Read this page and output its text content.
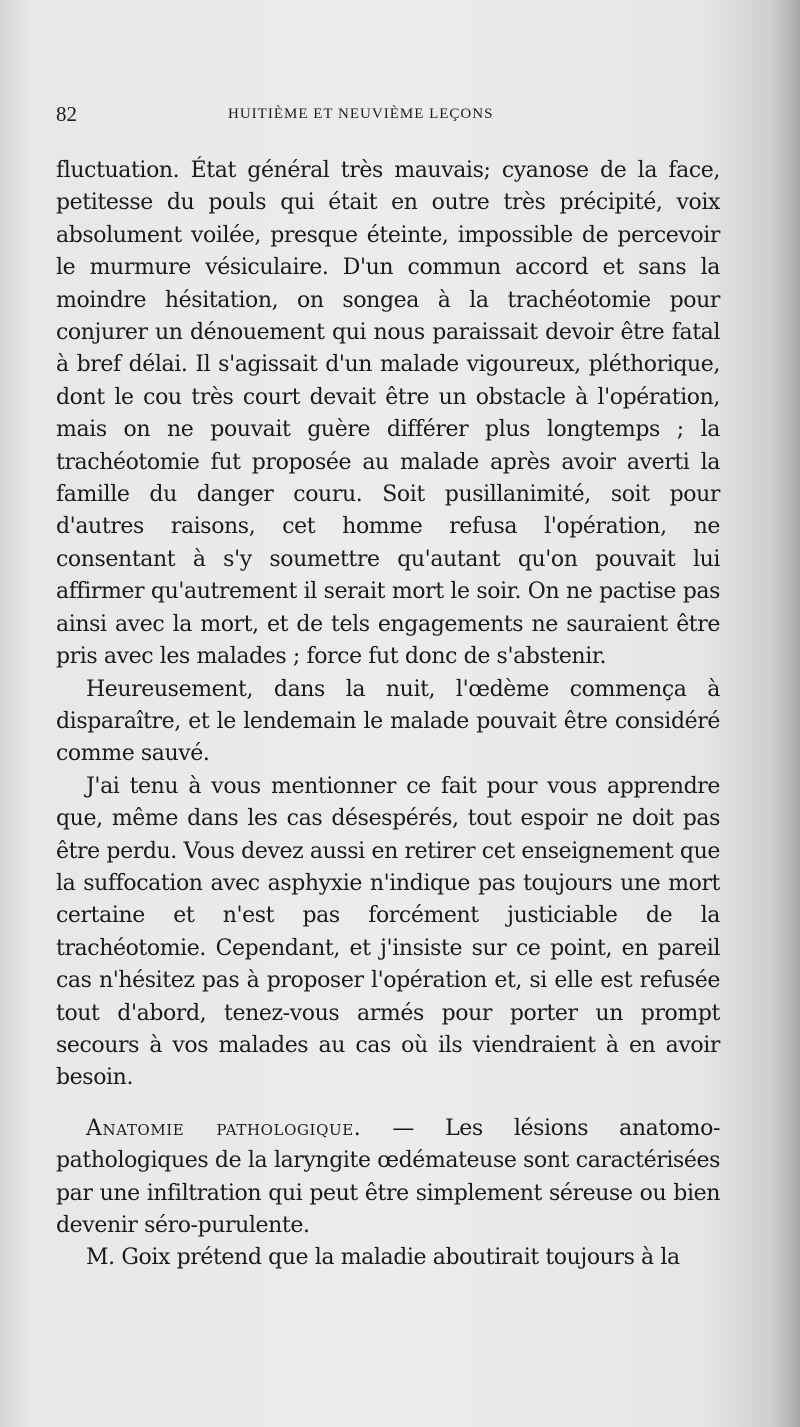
82	HUITIÈME ET NEUVIÈME LEÇONS

fluctuation. État général très mauvais; cyanose de la face, petitesse du pouls qui était en outre très précipité, voix absolument voilée, presque éteinte, impossible de percevoir le murmure vésiculaire. D'un commun accord et sans la moindre hésitation, on songea à la trachéotomie pour conjurer un dénouement qui nous paraissait devoir être fatal à bref délai. Il s'agissait d'un malade vigoureux, pléthorique, dont le cou très court devait être un obstacle à l'opération, mais on ne pouvait guère différer plus longtemps ; la trachéotomie fut proposée au malade après avoir averti la famille du danger couru. Soit pusillanimité, soit pour d'autres raisons, cet homme refusa l'opération, ne consentant à s'y soumettre qu'autant qu'on pouvait lui affirmer qu'autrement il serait mort le soir. On ne pactise pas ainsi avec la mort, et de tels engagements ne sauraient être pris avec les malades ; force fut donc de s'abstenir.

Heureusement, dans la nuit, l'œdème commença à disparaître, et le lendemain le malade pouvait être considéré comme sauvé.

J'ai tenu à vous mentionner ce fait pour vous apprendre que, même dans les cas désespérés, tout espoir ne doit pas être perdu. Vous devez aussi en retirer cet enseignement que la suffocation avec asphyxie n'indique pas toujours une mort certaine et n'est pas forcément justiciable de la trachéotomie. Cependant, et j'insiste sur ce point, en pareil cas n'hésitez pas à proposer l'opération et, si elle est refusée tout d'abord, tenez-vous armés pour porter un prompt secours à vos malades au cas où ils viendraient à en avoir besoin.

Anatomie pathologique. — Les lésions anatomo-pathologiques de la laryngite œdémateuse sont caractérisées par une infiltration qui peut être simplement séreuse ou bien devenir séro-purulente.

M. Goix prétend que la maladie aboutirait toujours à la
